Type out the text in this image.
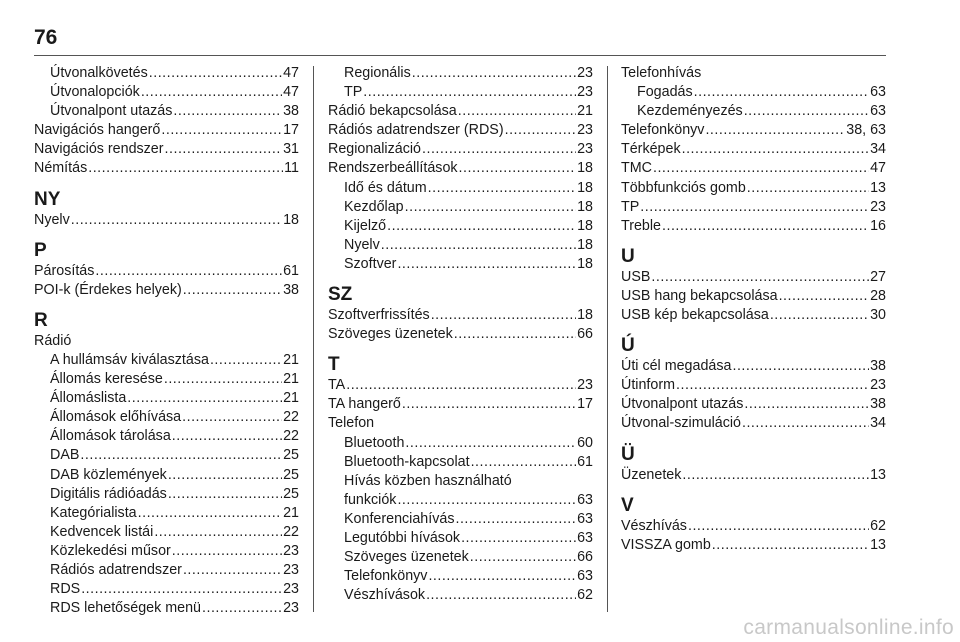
76
Útvonalkövetés .....	47
Útvonalopciók .....	47
Útvonalpont utazás .....	38
Navigációs hangerő .....	17
Navigációs rendszer .....	31
Némítás .....	11
NY
Nyelv .....	18
P
Párosítás .....	61
POI-k (Érdekes helyek) .....	38
R
Rádió
A hullámsáv kiválasztása .....	21
Állomás keresése .....	21
Állomáslista .....	21
Állomások előhívása .....	22
Állomások tárolása .....	22
DAB .....	25
DAB közlemények .....	25
Digitális rádióadás .....	25
Kategórialista .....	21
Kedvencek listái .....	22
Közlekedési műsor .....	23
Rádiós adatrendszer .....	23
RDS .....	23
RDS lehetőségek menü .....	23
Regionális .....	23
TP .....	23
Rádió bekapcsolása .....	21
Rádiós adatrendszer (RDS) .....	23
Regionalizáció .....	23
Rendszerbeállítások .....	18
Idő és dátum .....	18
Kezdőlap .....	18
Kijelző .....	18
Nyelv .....	18
Szoftver .....	18
SZ
Szoftverfrissítés .....	18
Szöveges üzenetek .....	66
T
TA .....	23
TA hangerő .....	17
Telefon
Bluetooth .....	60
Bluetooth-kapcsolat .....	61
Hívás közben használható
funkciók .....	63
Konferenciahívás .....	63
Legutóbbi hívások .....	63
Szöveges üzenetek .....	66
Telefonkönyv .....	63
Vészhívások .....	62
Telefonhívás
Fogadás .....	63
Kezdeményezés .....	63
Telefonkönyv .....	38, 63
Térképek .....	34
TMC .....	47
Többfunkciós gomb .....	13
TP .....	23
Treble .....	16
U
USB .....	27
USB hang bekapcsolása .....	28
USB kép bekapcsolása .....	30
Ú
Úti cél megadása .....	38
Útinform .....	23
Útvonalpont utazás .....	38
Útvonal-szimuláció .....	34
Ü
Üzenetek .....	13
V
Vészhívás .....	62
VISSZA gomb .....	13
carmanualsonline.info
